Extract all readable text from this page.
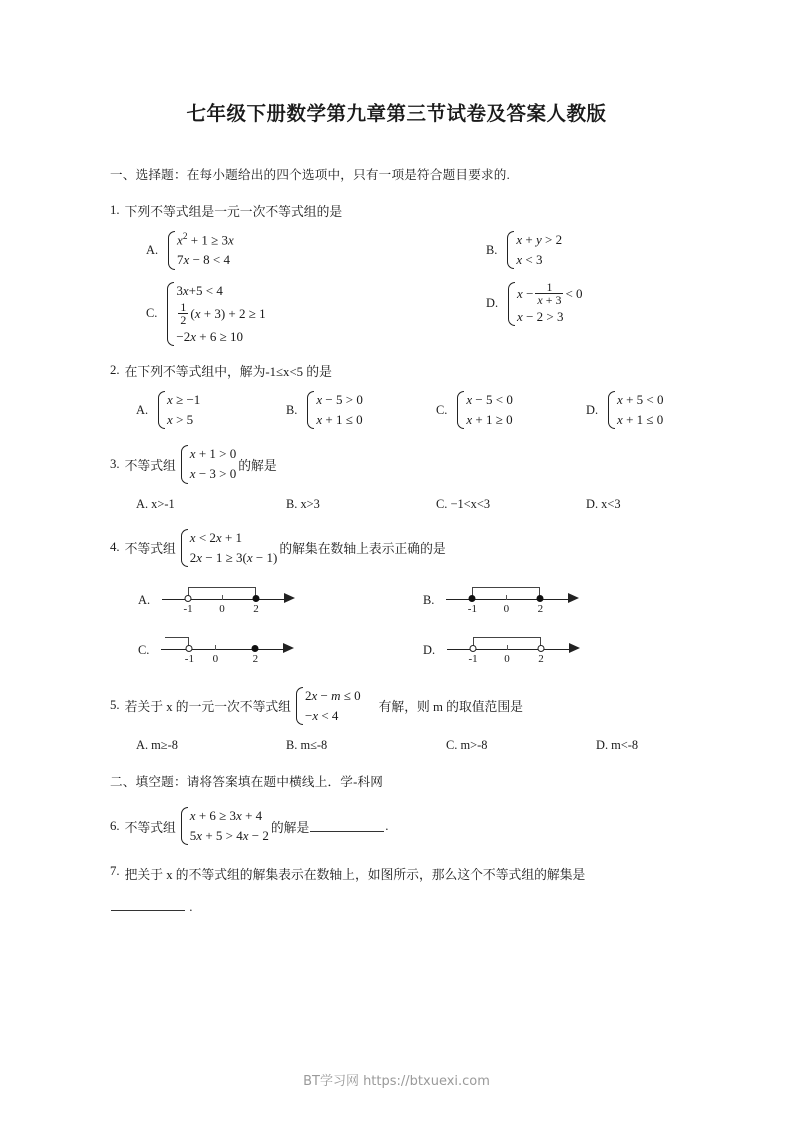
七年级下册数学第九章第三节试卷及答案人教版
一、选择题：在每小题给出的四个选项中，只有一项是符合题目要求的.
1. 下列不等式组是一元一次不等式组的是
A.
$x^2 + 1 \ge 3x$
7x − 8 < 4
B.
x + y > 2
x < 3
C.
3x+5 < 4
$\frac{1}{2} (x + 3) + 2 \ge 1$
−2x + 6 ≥ 10
D.
$x - \frac{1}{x + 3} < 0$
x − 2 > 3
2. 在下列不等式组中，解为-1≤x<5 的是
A.
x ≥ −1
x > 5
B.
x − 5 > 0
x + 1 ≤ 0
C.
x − 5 < 0
x + 1 ≥ 0
D.
x + 5 < 0
x + 1 ≤ 0
3. 不等式组
x + 1 > 0
x − 3 > 0
的解是
A. x>-1	B. x>3	C. −1<x<3	D. x<3
4. 不等式组
x < 2x + 1
2x − 1 ≥ 3(x − 1)
的解集在数轴上表示正确的是
A.
-1 0	2
B.
-1 0	2
C.
-1 0	2
D.
-1 0	2
5. 若关于 x 的一元一次不等式组
2x − m ≤ 0
−x < 4
有解，则 m 的取值范围是
A. m≥-8	B. m≤-8	C. m>-8	D. m<-8
二、填空题：请将答案填在题中横线上．学-科网
6. 不等式组
x + 6 ≥ 3x + 4
5x + 5 > 4x − 2
的解是	.
7. 把关于 x 的不等式组的解集表示在数轴上，如图所示，那么这个不等式组的解集是
.
BT学习网 https://btxuexi.com
